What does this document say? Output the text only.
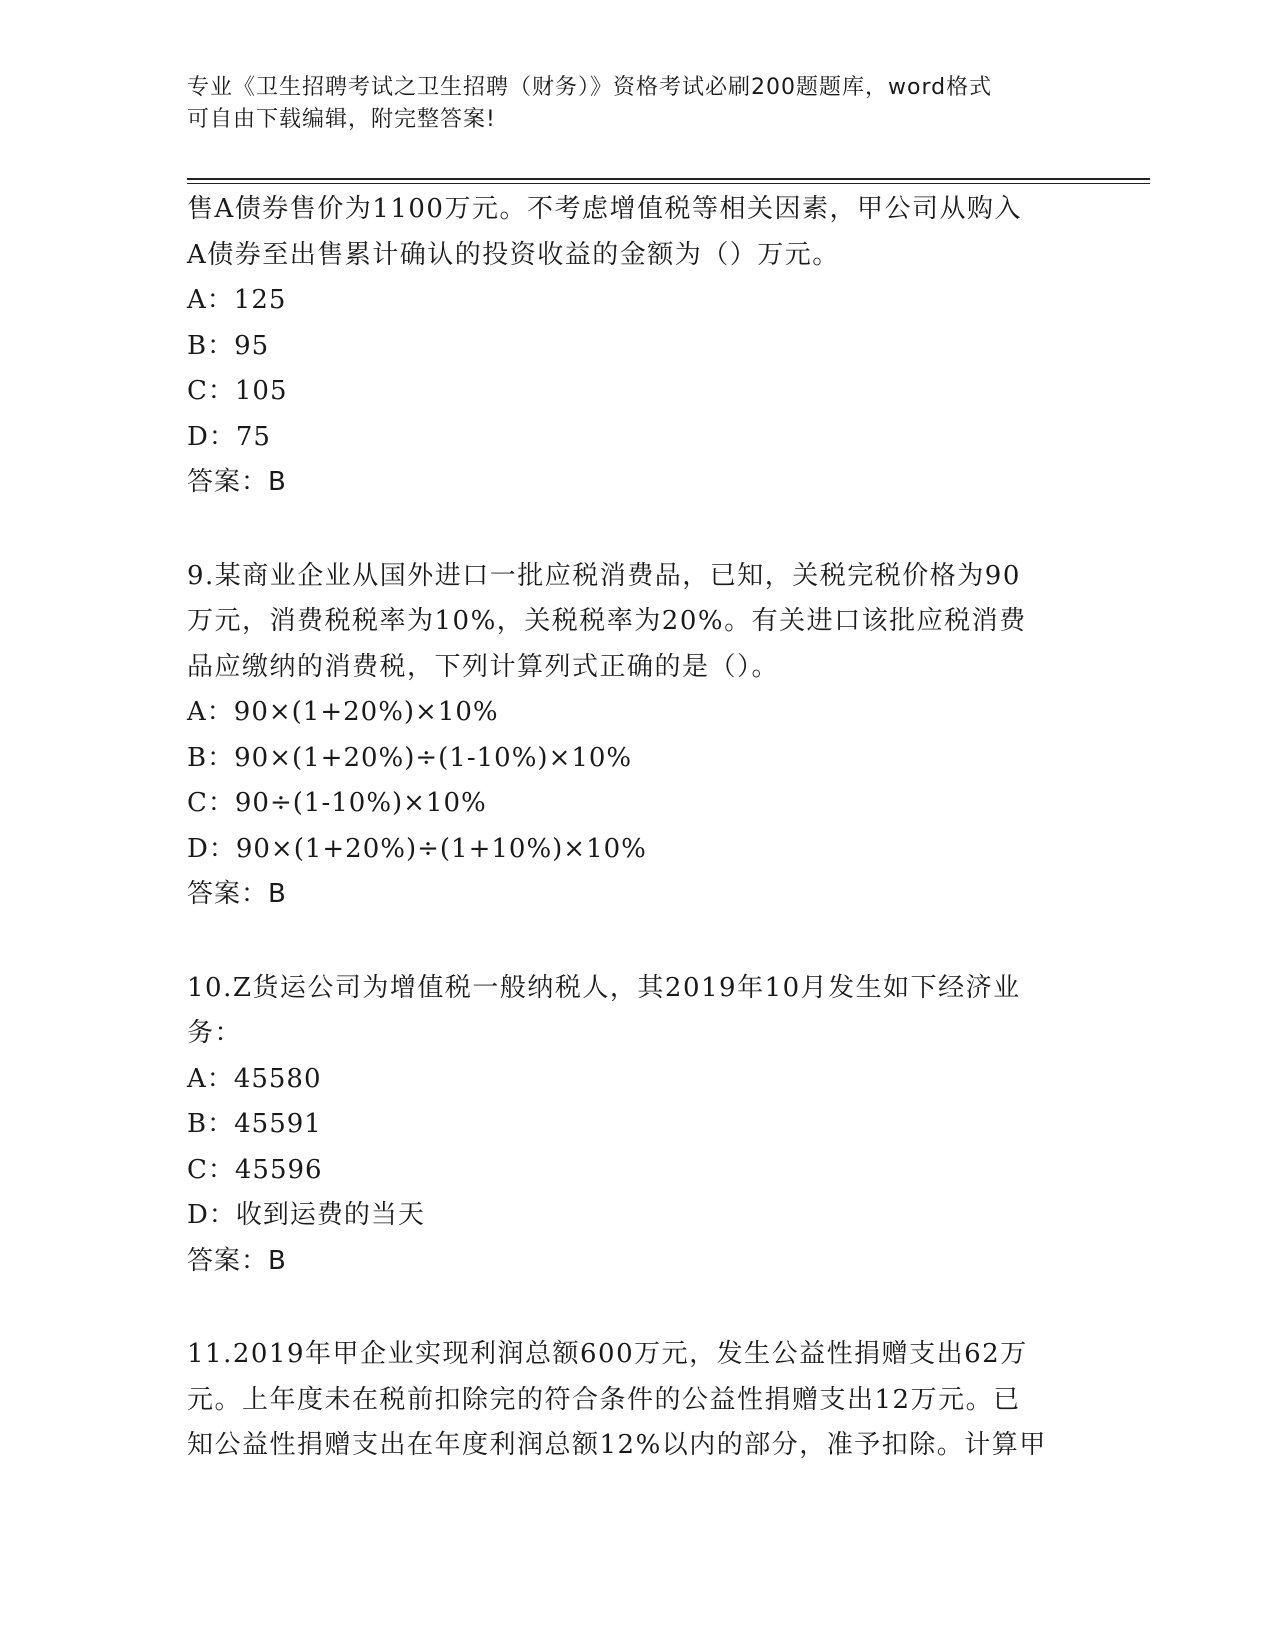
专业《卫生招聘考试之卫生招聘（财务）》资格考试必刷200题题库，word格式
可自由下载编辑，附完整答案!
售A债券售价为1100万元。不考虑增值税等相关因素，甲公司从购入
A债券至出售累计确认的投资收益的金额为（）万元。
A：125
B：95
C：105
D：75
答案：B
9.某商业企业从国外进口一批应税消费品，已知，关税完税价格为90
万元，消费税税率为10%，关税税率为20%。有关进口该批应税消费
品应缴纳的消费税，下列计算列式正确的是（）。
A：90×(1+20%)×10%
B：90×(1+20%)÷(1-10%)×10%
C：90÷(1-10%)×10%
D：90×(1+20%)÷(1+10%)×10%
答案：B
10.Z货运公司为增值税一般纳税人，其2019年10月发生如下经济业
务：
A：45580
B：45591
C：45596
D：收到运费的当天
答案：B
11.2019年甲企业实现利润总额600万元，发生公益性捐赠支出62万
元。上年度未在税前扣除完的符合条件的公益性捐赠支出12万元。已
知公益性捐赠支出在年度利润总额12%以内的部分，准予扣除。计算甲
